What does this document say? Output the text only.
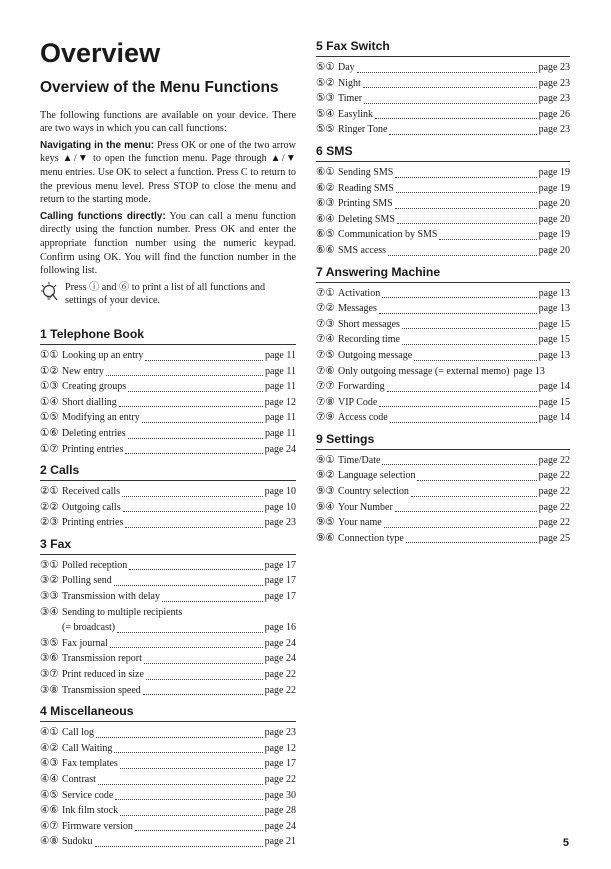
Overview
Overview of the Menu Functions

The following functions are available on your device. There are two ways in which you can call functions:

Navigating in the menu: Press OK or one of the two arrow keys ▲/▼ to open the function menu. Page through ▲/▼ menu entries. Use OK to select a function. Press C to return to the previous menu level. Press STOP to close the menu and return to the starting mode.

Calling functions directly: You can call a menu function directly using the function number. Press OK and enter the appropriate function number using the numeric keypad. Confirm using OK. You will find the function number in the following list.

Press ⓘ and ⑥ to print a list of all functions and settings of your device.

1 Telephone Book
①① Looking up an entry	page 11
①② New entry	page 11
①③ Creating groups	page 11
①④ Short dialling	page 12
①⑤ Modifying an entry	page 11
①⑥ Deleting entries	page 11
①⑦ Printing entries	page 24
2 Calls
②① Received calls	page 10
②② Outgoing calls	page 10
②③ Printing entries	page 23
3 Fax
③① Polled reception	page 17
③② Polling send	page 17
③③ Transmission with delay	page 17
③④ Sending to multiple recipients
(= broadcast)	page 16
③⑤ Fax journal	page 24
③⑥ Transmission report	page 24
③⑦ Print reduced in size	page 22
③⑧ Transmission speed	page 22
4 Miscellaneous
④① Call log	page 23
④② Call Waiting	page 12
④③ Fax templates	page 17
④④ Contrast	page 22
④⑤ Service code	page 30
④⑥ Ink film stock	page 28
④⑦ Firmware version	page 24
④⑧ Sudoku	page 21
5 Fax Switch
⑤① Day	page 23
⑤② Night	page 23
⑤③ Timer	page 23
⑤④ Easylink	page 26
⑤⑤ Ringer Tone	page 23
6 SMS
⑥① Sending SMS	page 19
⑥② Reading SMS	page 19
⑥③ Printing SMS	page 20
⑥④ Deleting SMS	page 20
⑥⑤ Communication by SMS	page 19
⑥⑥ SMS access	page 20
7 Answering Machine
⑦① Activation	page 13
⑦② Messages	page 13
⑦③ Short messages	page 15
⑦④ Recording time	page 15
⑦⑤ Outgoing message	page 13
⑦⑥ Only outgoing message (= external memo) page 13
⑦⑦ Forwarding	page 14
⑦⑧ VIP Code	page 15
⑦⑨ Access code	page 14
9 Settings
⑨① Time/Date	page 22
⑨② Language selection	page 22
⑨③ Country selection	page 22
⑨④ Your Number	page 22
⑨⑤ Your name	page 22
⑨⑥ Connection type	page 25
5
